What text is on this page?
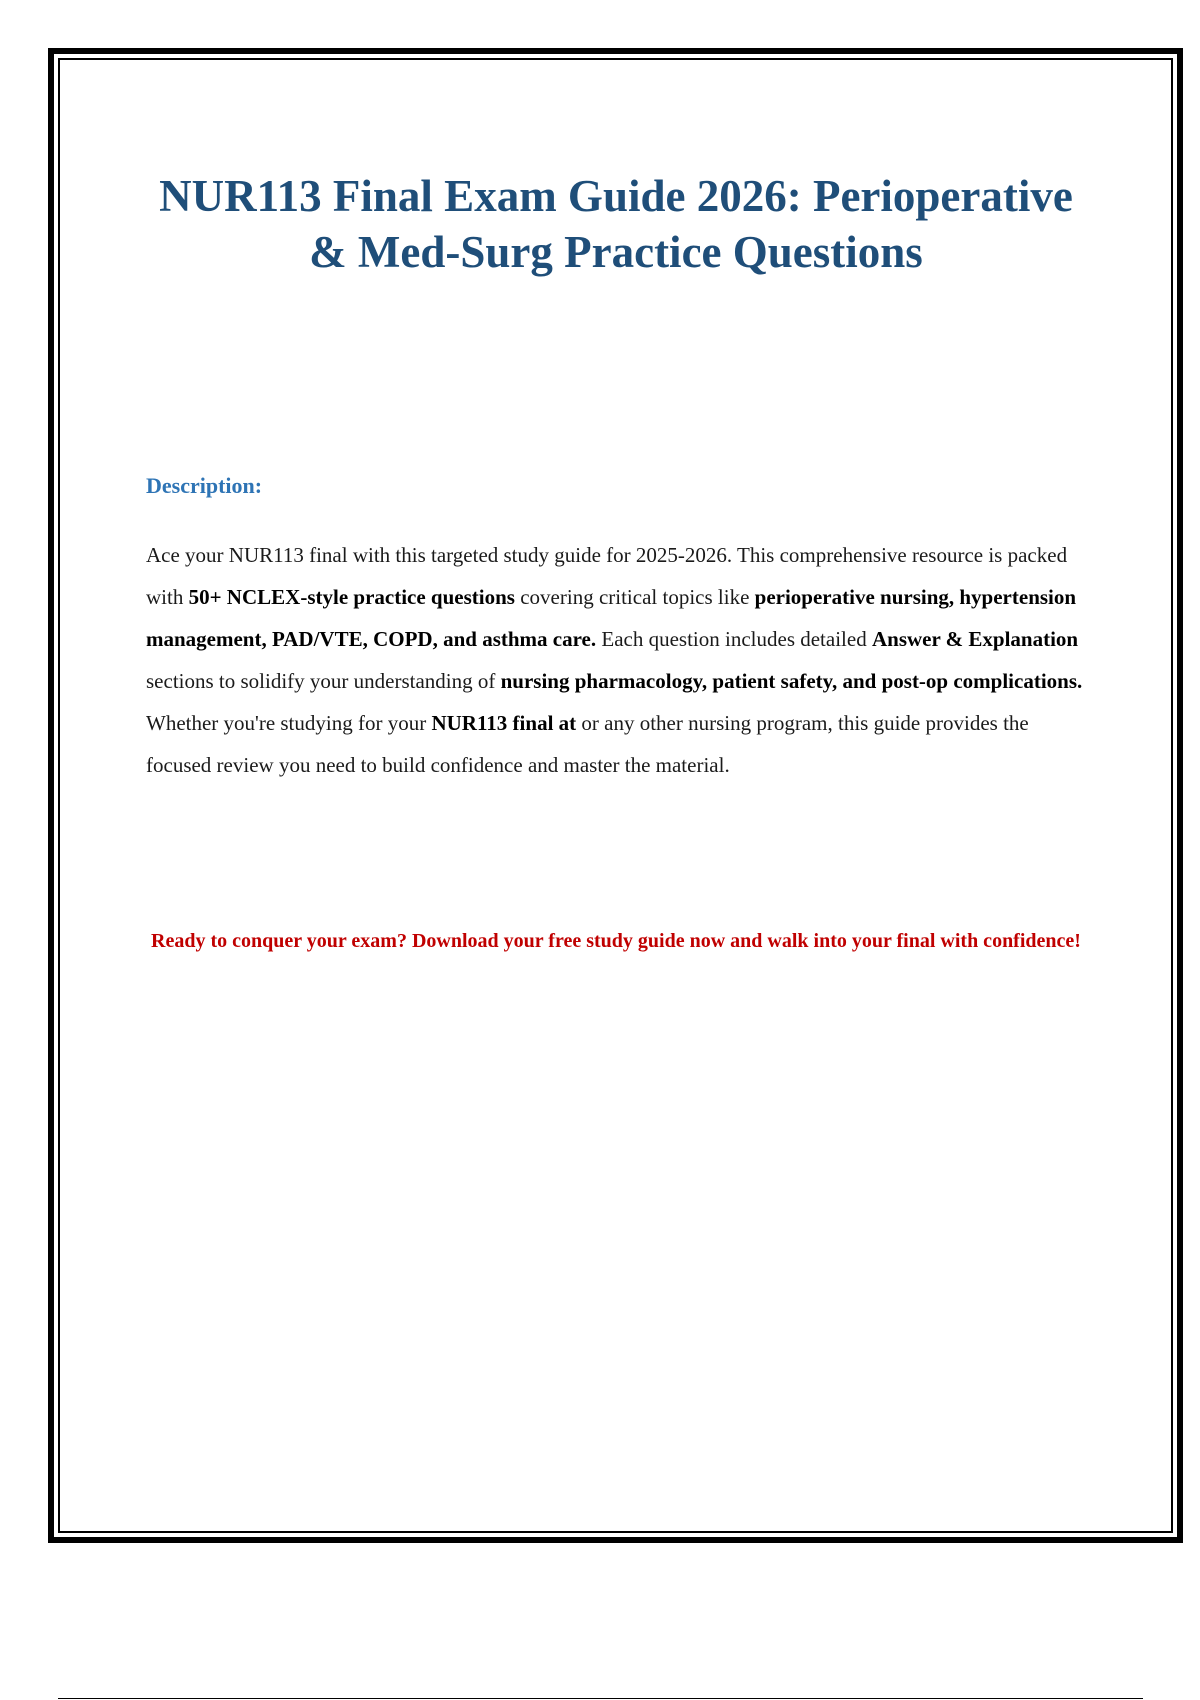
NUR113 Final Exam Guide 2026: Perioperative & Med-Surg Practice Questions
Description:

Ace your NUR113 final with this targeted study guide for 2025-2026. This comprehensive resource is packed with 50+ NCLEX-style practice questions covering critical topics like perioperative nursing, hypertension management, PAD/VTE, COPD, and asthma care. Each question includes detailed Answer & Explanation sections to solidify your understanding of nursing pharmacology, patient safety, and post-op complications. Whether you're studying for your NUR113 final at or any other nursing program, this guide provides the focused review you need to build confidence and master the material.

Ready to conquer your exam? Download your free study guide now and walk into your final with confidence!
